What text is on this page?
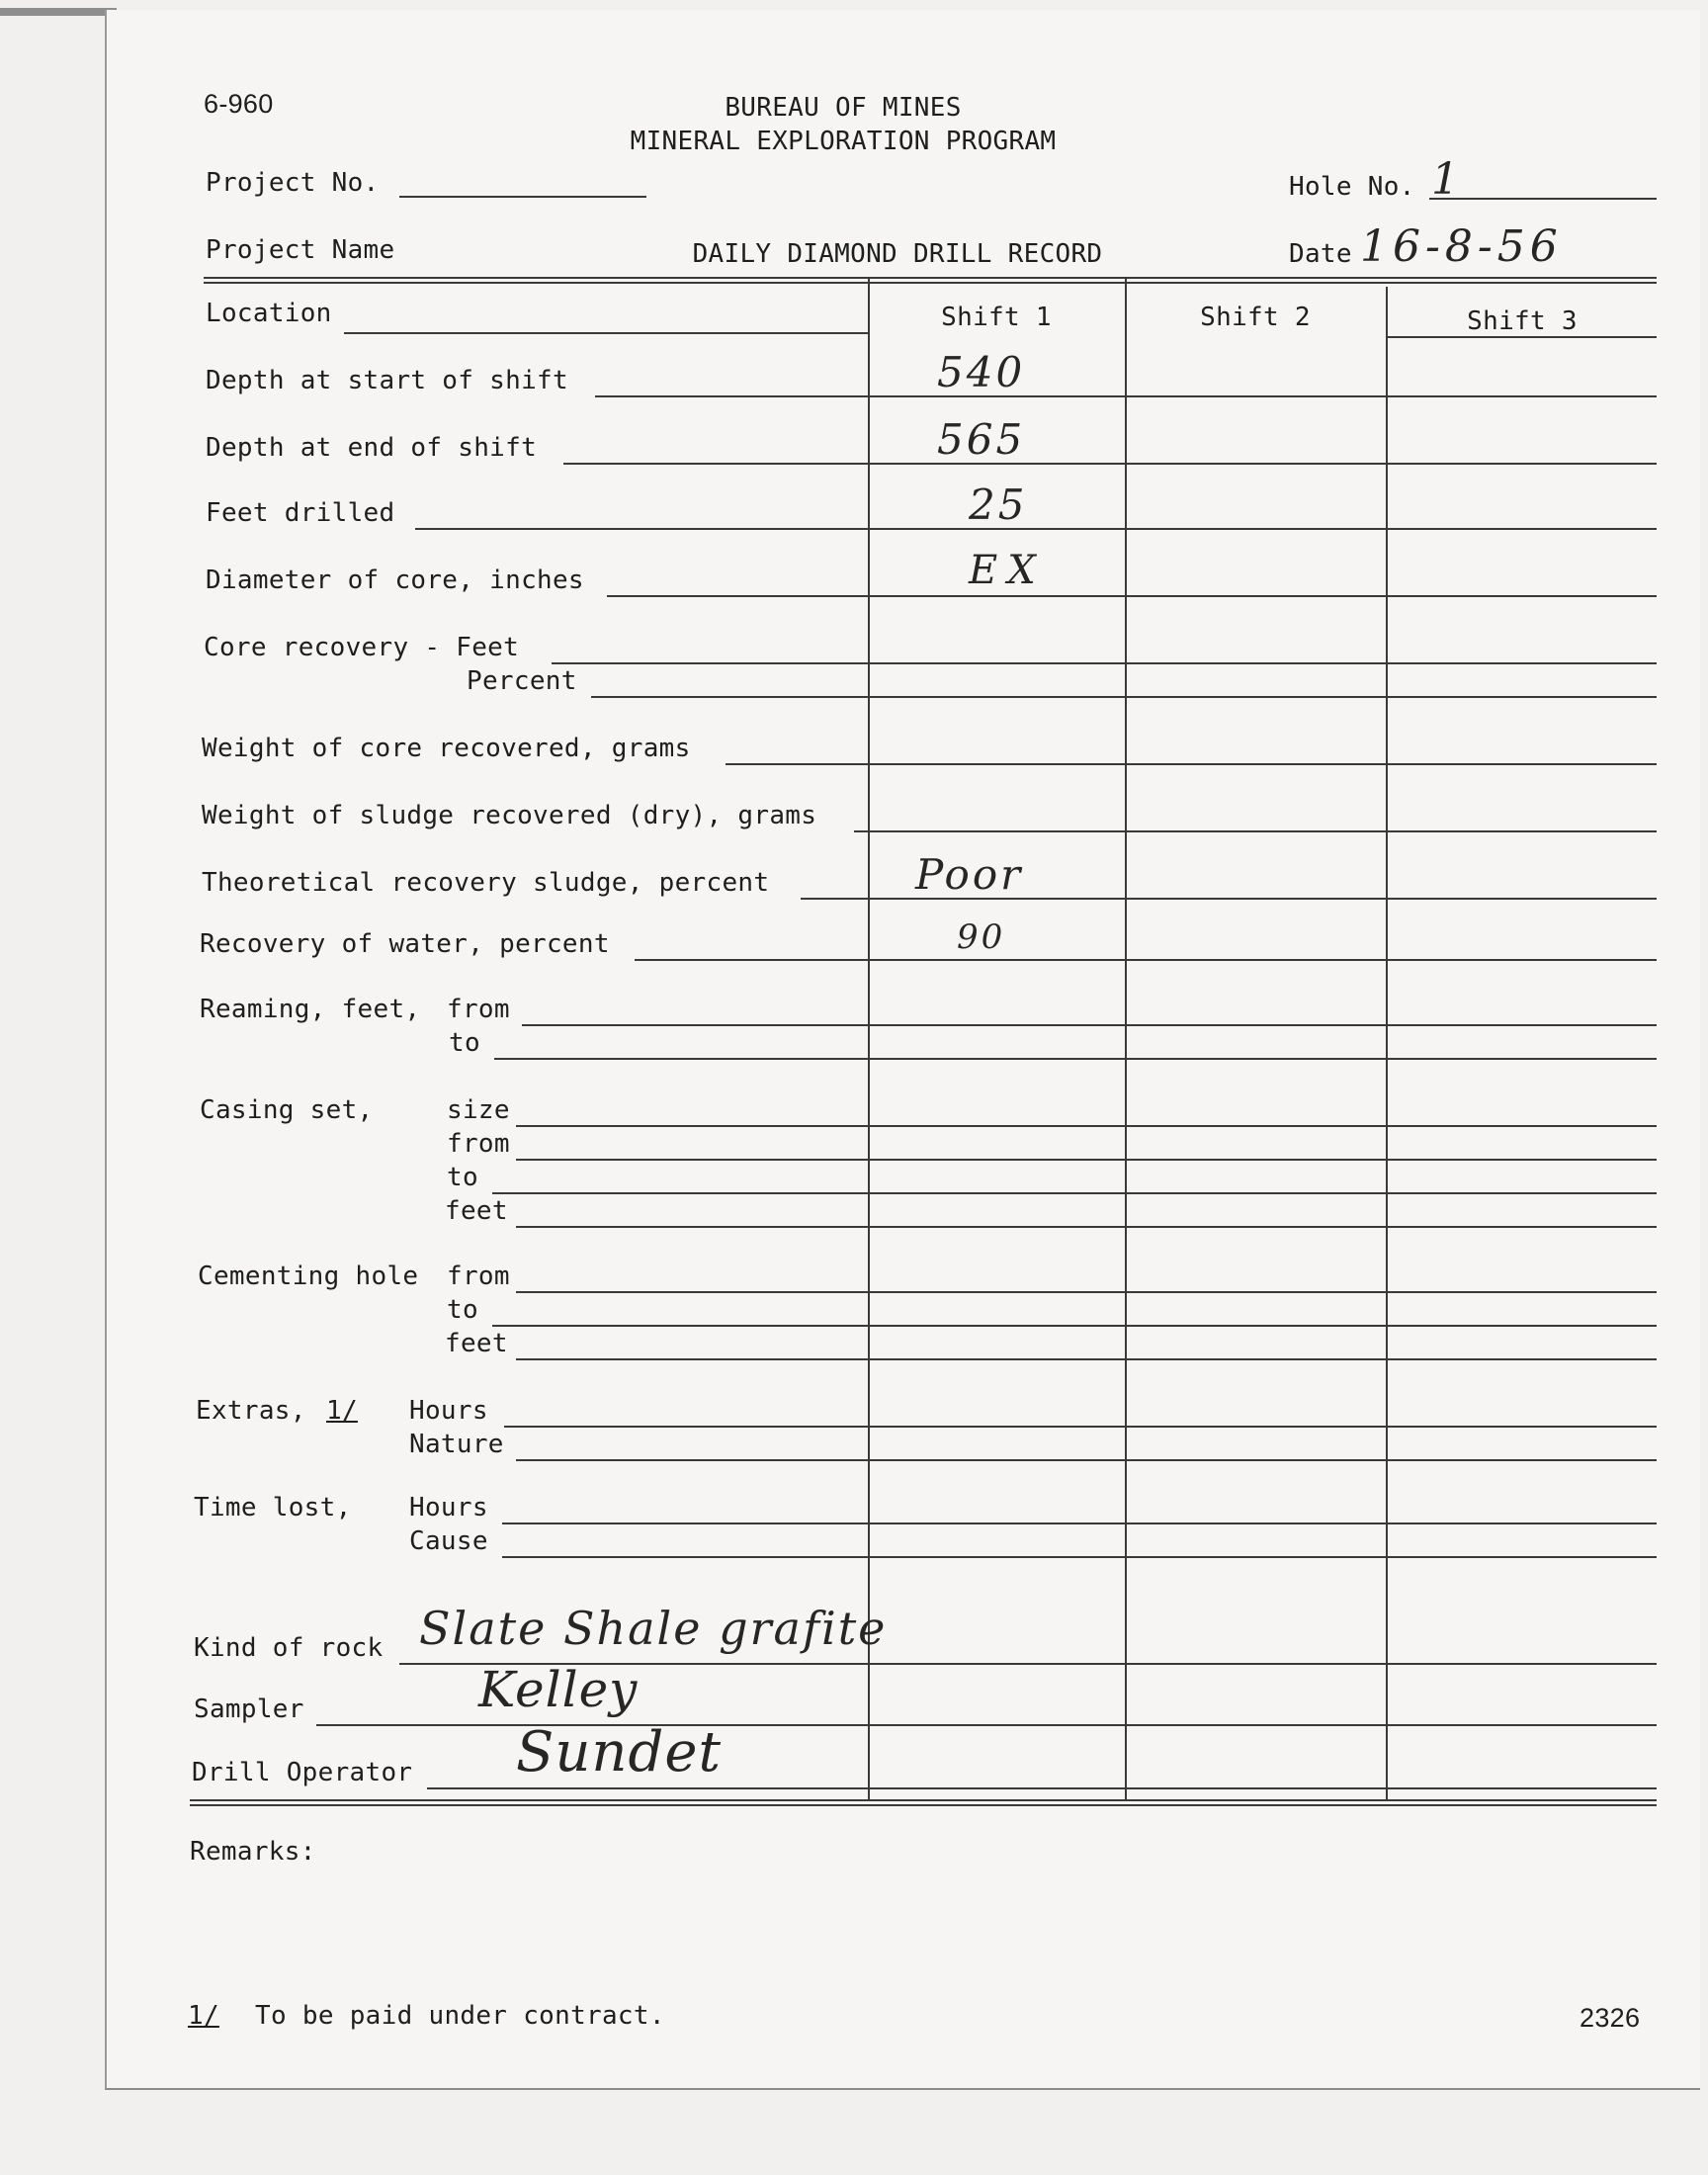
6-960	BUREAU OF MINES
MINERAL EXPLORATION PROGRAM
Project No.	Hole No. 1
Project Name	DAILY DIAMOND DRILL RECORD	Date 16-8-56
Shift 1	Shift 2	Shift 3
Location
Depth at start of shift	540
Depth at end of shift	565
Feet drilled	25
Diameter of core, inches	EX
Core recovery - Feet
Percent
Weight of core recovered, grams
Weight of sludge recovered (dry), grams
Theoretical recovery sludge, percent	Poor
Recovery of water, percent	90
Reaming, feet, from
to
Casing set,	size
from
to
feet
Cementing hole from
to
feet
Extras, 1/ Hours
Nature
Time lost, Hours
Cause
Kind of rock Slate Shale grafite
Sampler	Kelley
Drill Operator Sundet
Remarks:
1/ To be paid under contract.	2326
